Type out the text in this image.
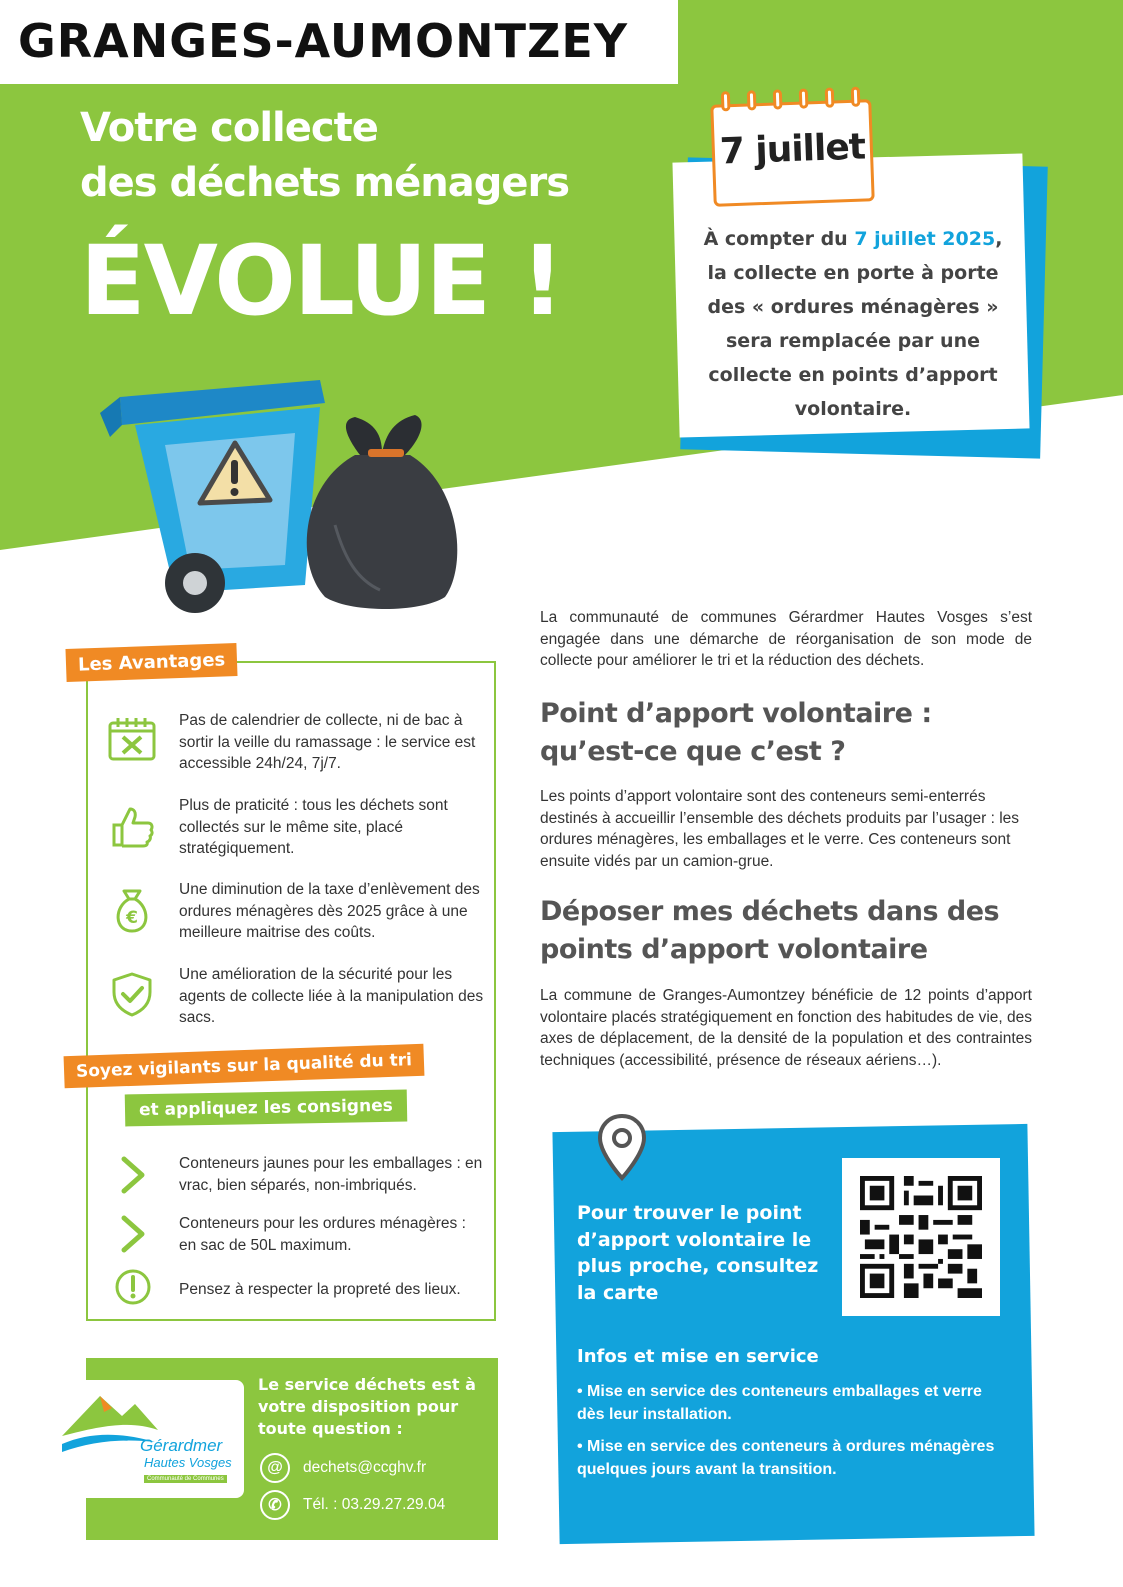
GRANGES-AUMONTZEY
Votre collecte
des déchets ménagers
ÉVOLUE !
7 juillet
À compter du 7 juillet 2025, la collecte en porte à porte des « ordures ménagères » sera remplacée par une collecte en points d’apport volontaire.
La communauté de communes Gérardmer Hautes Vosges s’est engagée dans une démarche de réorganisation de son mode de collecte pour améliorer le tri et la réduction des déchets.
Point d’apport volontaire : qu’est-ce que c’est ?
Les points d’apport volontaire sont des conteneurs semi-enterrés destinés à accueillir l’ensemble des déchets produits par l’usager : les ordures ménagères, les emballages et le verre. Ces conteneurs sont ensuite vidés par un camion-grue.
Déposer mes déchets dans des points d’apport volontaire
La commune de Granges-Aumontzey bénéficie de 12 points d’apport volontaire placés stratégiquement en fonction des habitudes de vie, des axes de déplacement, de la densité de la population et des contraintes techniques (accessibilité, présence de réseaux aériens…).
Les Avantages
Pas de calendrier de collecte, ni de bac à sortir la veille du ramassage : le service est accessible 24h/24, 7j/7.
Plus de praticité : tous les déchets sont collectés sur le même site, placé stratégiquement.
€
Une diminution de la taxe d’enlèvement des ordures ménagères dès 2025 grâce à une meilleure maitrise des coûts.
Une amélioration de la sécurité pour les agents de collecte liée à la manipulation des sacs.
Soyez vigilants sur la qualité du tri
et appliquez les consignes
Conteneurs jaunes pour les emballages : en vrac, bien séparés, non-imbriqués.
Conteneurs pour les ordures ménagères : en sac de 50L maximum.
Pensez à respecter la propreté des lieux.
Gérardmer
Hautes Vosges
Communauté de Communes
Le service déchets est à votre disposition pour toute question :
@	dechets@ccghv.fr
✆	Tél. : 03.29.27.29.04
Pour trouver le point d’apport volontaire le plus proche, consultez la carte
Infos et mise en service
• Mise en service des conteneurs emballages et verre dès leur installation.
• Mise en service des conteneurs à ordures ménagères quelques jours avant la transition.
